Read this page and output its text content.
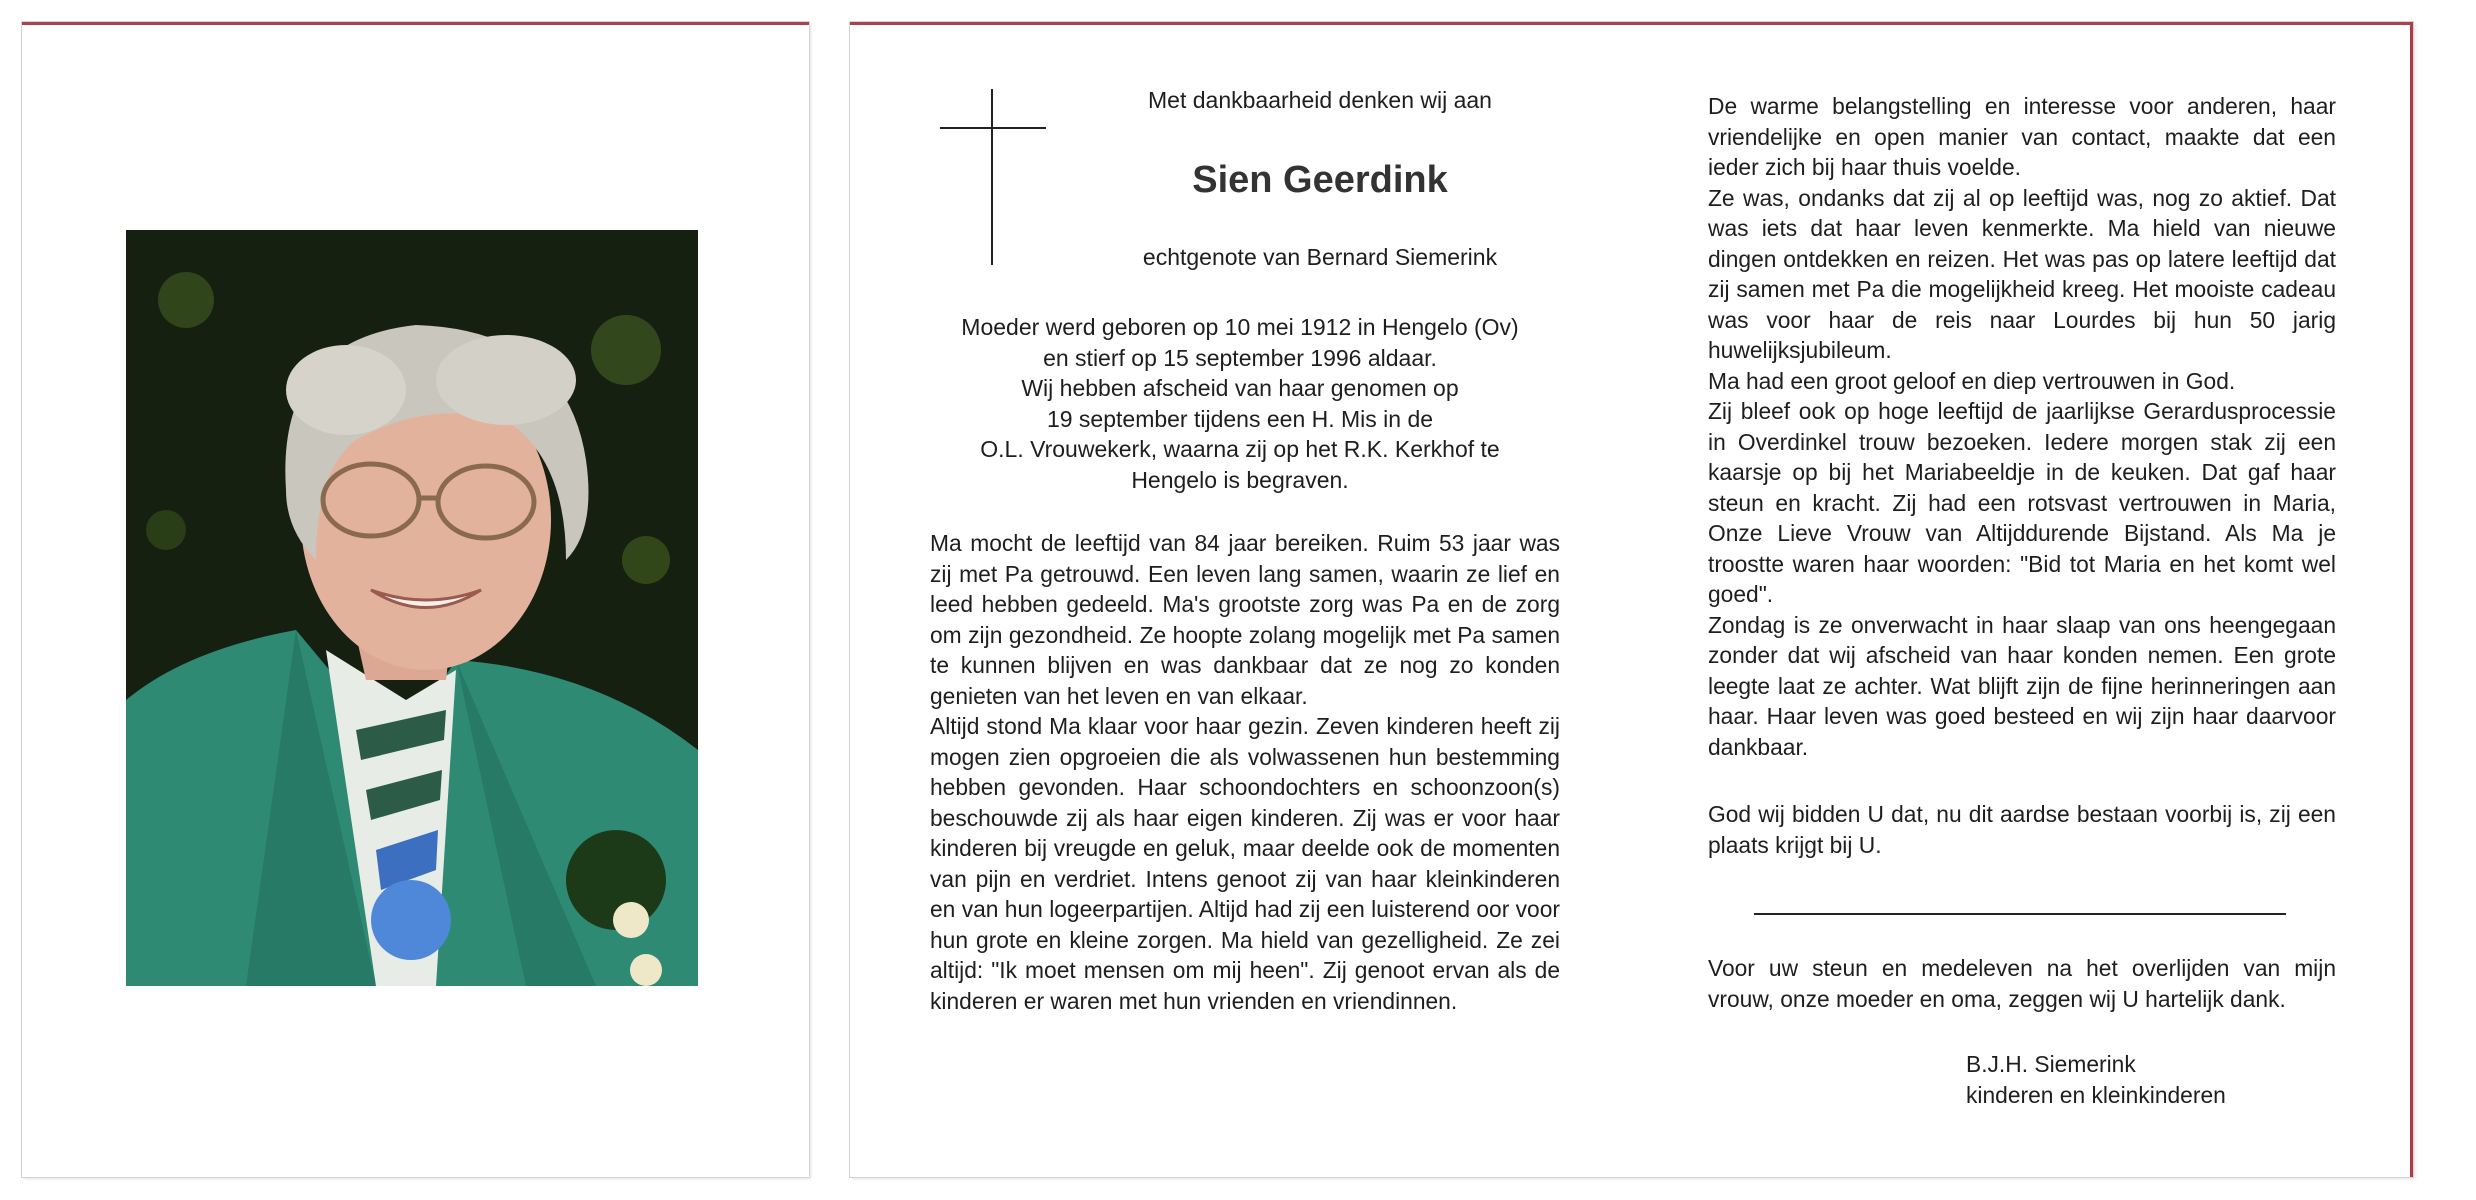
Met dankbaarheid denken wij aan
Sien Geerdink
echtgenote van Bernard Siemerink
Moeder werd geboren op 10 mei 1912 in Hengelo (Ov)
en stierf op 15 september 1996 aldaar.
Wij hebben afscheid van haar genomen op
19 september tijdens een H. Mis in de
O.L. Vrouwekerk, waarna zij op het R.K. Kerkhof te
Hengelo is begraven.

Ma mocht de leeftijd van 84 jaar bereiken. Ruim 53 jaar was zij met Pa getrouwd. Een leven lang samen, waarin ze lief en leed hebben gedeeld. Ma's grootste zorg was Pa en de zorg om zijn gezondheid. Ze hoopte zolang mogelijk met Pa samen te kunnen blijven en was dankbaar dat ze nog zo konden genieten van het leven en van elkaar.

Altijd stond Ma klaar voor haar gezin. Zeven kinderen heeft zij mogen zien opgroeien die als volwassenen hun bestemming hebben gevonden. Haar schoondochters en schoonzoon(s) beschouwde zij als haar eigen kinderen. Zij was er voor haar kinderen bij vreugde en geluk, maar deelde ook de momenten van pijn en verdriet. Intens genoot zij van haar kleinkinderen en van hun logeerpartijen. Altijd had zij een luisterend oor voor hun grote en kleine zorgen. Ma hield van gezelligheid. Ze zei altijd: "Ik moet mensen om mij heen". Zij genoot ervan als de kinderen er waren met hun vrienden en vriendinnen.

De warme belangstelling en interesse voor anderen, haar vriendelijke en open manier van contact, maakte dat een ieder zich bij haar thuis voelde.

Ze was, ondanks dat zij al op leeftijd was, nog zo aktief. Dat was iets dat haar leven kenmerkte. Ma hield van nieuwe dingen ontdekken en reizen. Het was pas op latere leeftijd dat zij samen met Pa die mogelijkheid kreeg. Het mooiste cadeau was voor haar de reis naar Lourdes bij hun 50 jarig huwelijksjubileum.

Ma had een groot geloof en diep vertrouwen in God.

Zij bleef ook op hoge leeftijd de jaarlijkse Gerardusprocessie in Overdinkel trouw bezoeken. Iedere morgen stak zij een kaarsje op bij het Mariabeeldje in de keuken. Dat gaf haar steun en kracht. Zij had een rotsvast vertrouwen in Maria, Onze Lieve Vrouw van Altijddurende Bijstand. Als Ma je troostte waren haar woorden: "Bid tot Maria en het komt wel goed".

Zondag is ze onverwacht in haar slaap van ons heengegaan zonder dat wij afscheid van haar konden nemen. Een grote leegte laat ze achter. Wat blijft zijn de fijne herinneringen aan haar. Haar leven was goed besteed en wij zijn haar daarvoor dankbaar.

God wij bidden U dat, nu dit aardse bestaan voorbij is, zij een plaats krijgt bij U.

Voor uw steun en medeleven na het overlijden van mijn vrouw, onze moeder en oma, zeggen wij U hartelijk dank.

B.J.H. Siemerink
kinderen en kleinkinderen
